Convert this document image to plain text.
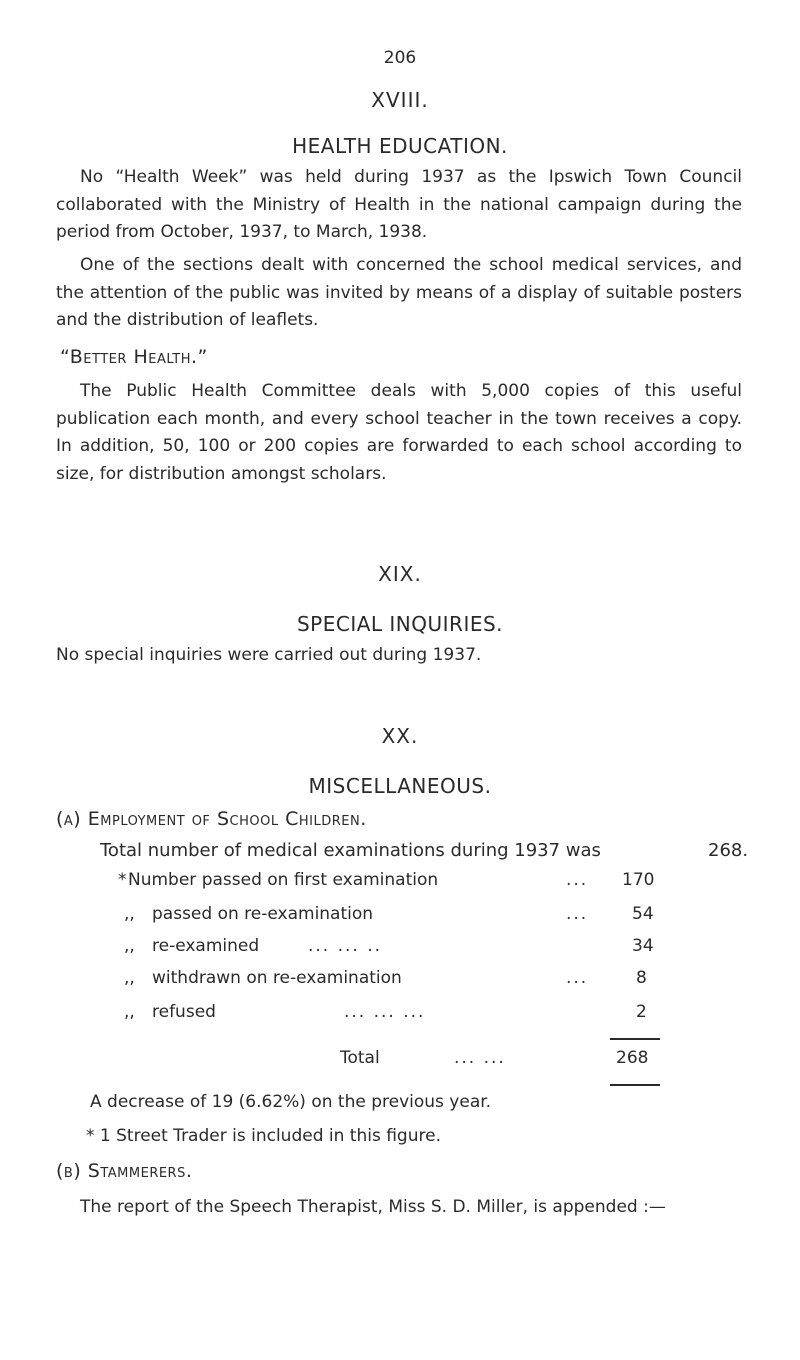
206
XVIII.
HEALTH EDUCATION.
No “Health Week” was held during 1937 as the Ipswich Town Council collaborated with the Ministry of Health in the national campaign during the period from October, 1937, to March, 1938.
One of the sections dealt with concerned the school medical services, and the attention of the public was invited by means of a display of suitable posters and the distribution of leaflets.
“Better Health.”
The Public Health Committee deals with 5,000 copies of this useful publication each month, and every school teacher in the town receives a copy. In addition, 50, 100 or 200 copies are forwarded to each school according to size, for distribution amongst scholars.
XIX.
SPECIAL INQUIRIES.
No special inquiries were carried out during 1937.
XX.
MISCELLANEOUS.
(a) Employment of School Children.
Total number of medical examinations during 1937 was	268.
* Number passed on first examination	... 170
,, passed on re-examination	...	54
,, re-examined	... ... ..	34
,, withdrawn on re-examination	...	8
,, refused	... ... ...	2
Total	... ...	268
A decrease of 19 (6.62%) on the previous year.
* 1 Street Trader is included in this figure.
(b) Stammerers.
The report of the Speech Therapist, Miss S. D. Miller, is appended :—
